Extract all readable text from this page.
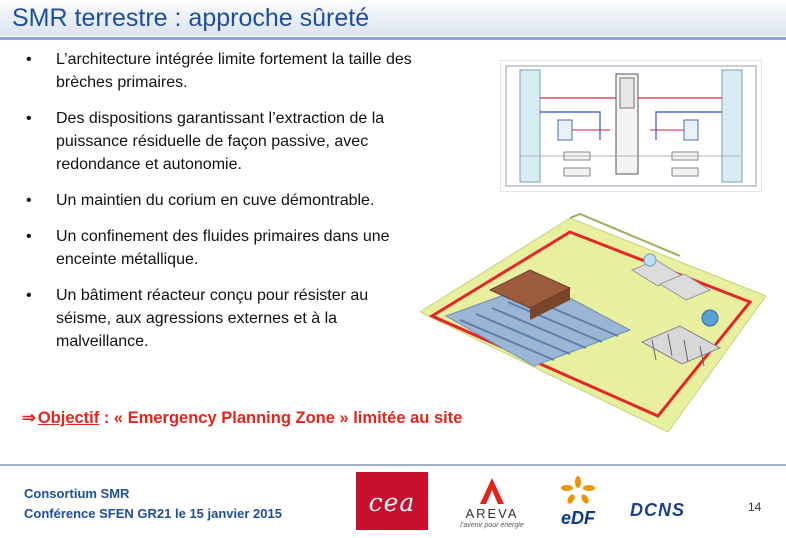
SMR terrestre : approche sûreté
• L’architecture intégrée limite fortement la taille des brèches primaires.
• Des dispositions garantissant l’extraction de la puissance résiduelle de façon passive, avec redondance et autonomie.
• Un maintien du corium en cuve démontrable.
• Un confinement des fluides primaires dans une enceinte métallique.
• Un bâtiment réacteur conçu pour résister au séisme, aux agressions externes et à la malveillance.
⇒ Objectif : « Emergency Planning Zone » limitée au site
Consortium SMR
Conférence SFEN GR21 le 15 janvier 2015	cea	AREVA
l’avenir pour énergie	eDF	DCNS	14
